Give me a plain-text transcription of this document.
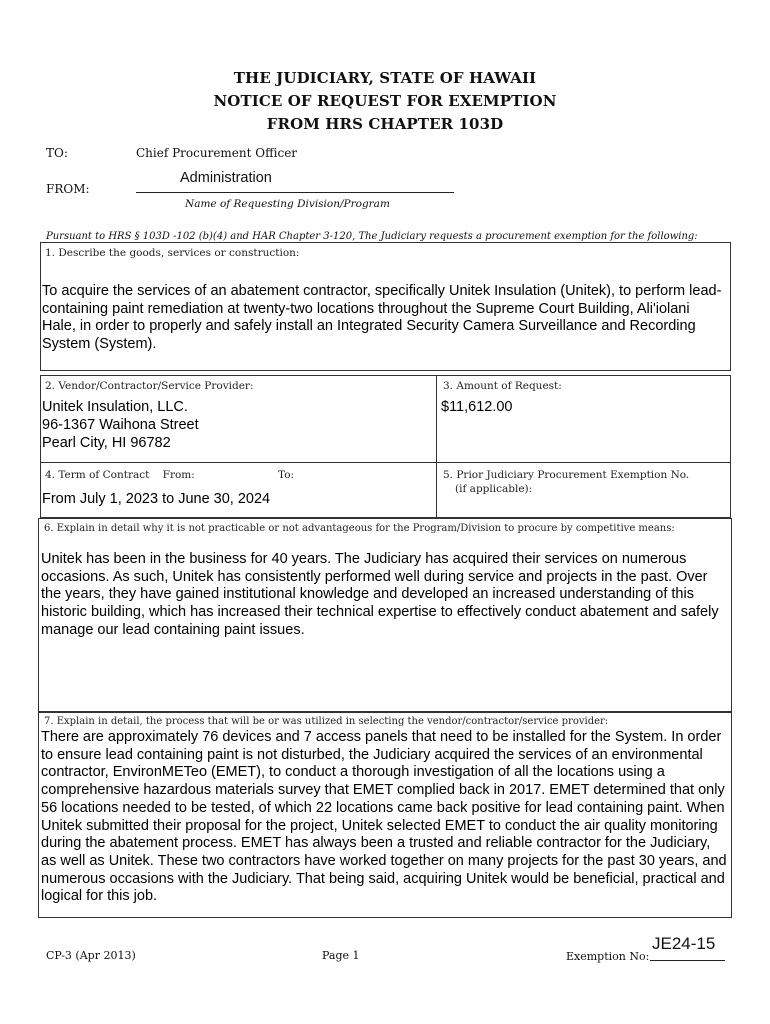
THE JUDICIARY, STATE OF HAWAII
NOTICE OF REQUEST FOR EXEMPTION
FROM HRS CHAPTER 103D
TO:	Chief Procurement Officer
FROM:
Administration
Name of Requesting Division/Program
Pursuant to HRS § 103D -102 (b)(4) and HAR Chapter 3-120, The Judiciary requests a procurement exemption for the following:
1. Describe the goods, services or construction:
To acquire the services of an abatement contractor, specifically Unitek Insulation (Unitek), to perform lead-containing paint remediation at twenty-two locations throughout the Supreme Court Building, Ali'iolani Hale, in order to properly and safely install an Integrated Security Camera Surveillance and Recording System (System).
2. Vendor/Contractor/Service Provider:
Unitek Insulation, LLC.
96-1367 Waihona Street
Pearl City, HI 96782
3. Amount of Request:
$11,612.00
4. Term of Contract    From:	To:
From July 1, 2023 to June 30, 2024
5. Prior Judiciary Procurement Exemption No.
(if applicable):
6. Explain in detail why it is not practicable or not advantageous for the Program/Division to procure by competitive means:
Unitek has been in the business for 40 years. The Judiciary has acquired their services on numerous occasions. As such, Unitek has consistently performed well during service and projects in the past. Over the years, they have gained institutional knowledge and developed an increased understanding of this historic building, which has increased their technical expertise to effectively conduct abatement and safely manage our lead containing paint issues.
7. Explain in detail, the process that will be or was utilized in selecting the vendor/contractor/service provider:
There are approximately 76 devices and 7 access panels that need to be installed for the System. In order to ensure lead containing paint is not disturbed, the Judiciary acquired the services of an environmental contractor, EnvironMETeo (EMET), to conduct a thorough investigation of all the locations using a comprehensive hazardous materials survey that EMET complied back in 2017. EMET determined that only 56 locations needed to be tested, of which 22 locations came back positive for lead containing paint. When Unitek submitted their proposal for the project, Unitek selected EMET to conduct the air quality monitoring during the abatement process. EMET has always been a trusted and reliable contractor for the Judiciary, as well as Unitek. These two contractors have worked together on many projects for the past 30 years, and numerous occasions with the Judiciary. That being said, acquiring Unitek would be beneficial, practical and logical for this job.
CP-3 (Apr 2013)	Page 1	Exemption No:
JE24-15
